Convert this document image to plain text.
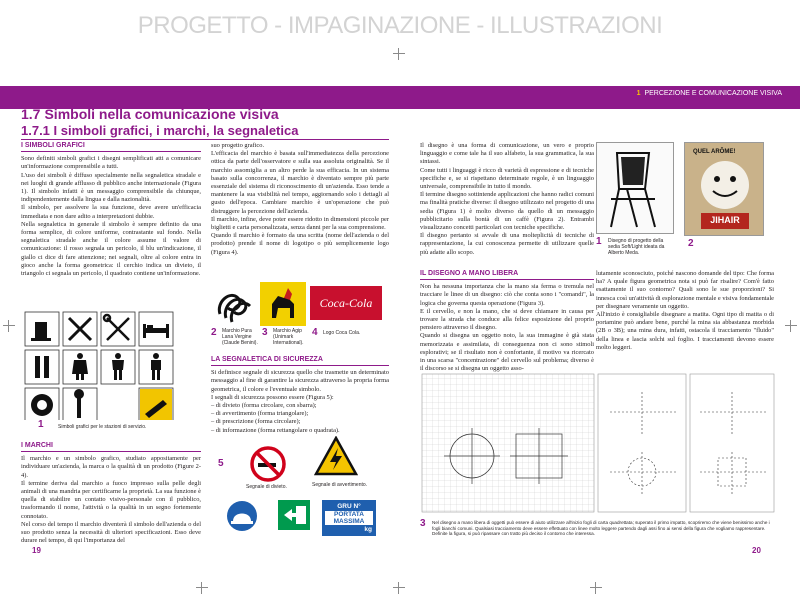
PROGETTO - IMPAGINAZIONE - ILLUSTRAZIONI
1 PERCEZIONE E COMUNICAZIONE VISIVA
1.7 Simboli nella comunicazione visiva
1.7.1 I simboli grafici, i marchi, la segnaletica
I SIMBOLI GRAFICI

Sono definiti simboli grafici i disegni semplificati atti a comunicare un'informazione comprensibile a tutti.

L'uso dei simboli è diffuso specialmente nella segnaletica stradale e nei luoghi di grande afflusso di pubblico anche internazionale (Figura 1). Il simbolo infatti è un messaggio comprensibile da chiunque, indipendentemente dalla lingua e dalla nazionalità.

Il simbolo, per assolvere la sua funzione, deve avere un'efficacia immediata e non dare adito a interpretazioni dubbie.

Nella segnaletica in generale il simbolo è sempre definito da una forma semplice, di colore uniforme, contrastante sul fondo. Nella segnaletica stradale anche il colore assume il valore di comunicazione: il rosso segnala un pericolo, il blu un'indicazione, il giallo ci dice di fare attenzione; nei segnali, oltre al colore entra in gioco anche la forma geometrica: il cerchio indica un divieto, il triangolo ci segnala un pericolo, il quadrato contiene un'informazione.

1	Simboli grafici per le stazioni di servizio.
I MARCHI

Il marchio e un simbolo grafico, studiato appositamente per individuare un'azienda, la marca o la qualità di un prodotto (Figure 2-4).

Il termine deriva dal marchio a fuoco impresso sulla pelle degli animali di una mandria per certificarne la proprietà. La sua funzione è quella di stabilire un contatto visivo-personale con il pubblico, trasformando il nome, l'attività o la qualità in un segno fortemente connotato.

Nel corso del tempo il marchio diventerà il simbolo dell'azienda o del suo prodotto senza la necessità di ulteriori specificazioni. Esso deve durare nel tempo, di qui l'importanza del

suo progetto grafico.

L'efficacia del marchio è basata sull'immediatezza della percezione ottica da parte dell'osservatore e sulla sua assoluta originalità. Se il marchio assomiglia a un altro perde la sua efficacia. In un sistema basato sulla concorrenza, il marchio è diventato sempre più parte essenziale del sistema di riconoscimento di un'azienda. Esso tende a mantenere la sua visibilità nel tempo, aggiornando solo i dettagli al gusto dell'epoca. Cambiare marchio è un'operazione che può distruggere la percezione dell'azienda.

Il marchio, infine, deve poter essere ridotto in dimensioni piccole per biglietti e carta personalizzata, senza danni per la sua comprensione.

Quando il marchio è formato da una scritta (nome dell'azienda o del prodotto) prende il nome di logotipo o più semplicemente logo (Figura 4).

Coca-Cola
2 Marchio Pura Lana Vergine (Claude Benini).
3 Marchio Agip (Unimark International).
4 Logo Coca Cola.
LA SEGNALETICA DI SICUREZZA

Si definisce segnale di sicurezza quello che trasmette un determinato messaggio al fine di garantire la sicurezza attraverso la propria forma geometrica, il colore e l'eventuale simbolo.

I segnali di sicurezza possono essere (Figura 5):

– di divieto (forma circolare, con sbarra);

– di avvertimento (forma triangolare);

– di prescrizione (forma circolare);

– di informazione (forma rettangolare o quadrata).

5
Segnale di divieto.	Segnale di avvertimento.
GRU N°
PORTATA MASSIMA
kg
19

Il disegno è una forma di comunicazione, un vero e proprio linguaggio e come tale ha il suo alfabeto, la sua grammatica, la sua sintassi.

Come tutti i linguaggi è ricco di varietà di espressione e di tecniche specifiche e, se si rispettano determinate regole, è un linguaggio universale, comprensibile in tutto il mondo.

Il termine disegno sottintende applicazioni che hanno radici comuni ma finalità pratiche diverse: il disegno utilizzato nel progetto di una sedia (Figura 1) è molto diverso da quello di un messaggio pubblicitario sulla bontà di un caffè (Figura 2). Entrambi visualizzano concetti particolari con tecniche specifiche.

Il disegno pertanto si avvale di una molteplicità di tecniche di rappresentazione, la cui conoscenza permette di utilizzare quelle più adatte allo scopo.

1 Disegno di progetto della sedia Soft/Light ideata da Alberto Meda.
QUEL ARÔME!
JIHAIR
2
IL DISEGNO A MANO LIBERA

Non ha nessuna importanza che la mano sia ferma o tremula nel tracciare le linee di un disegno: ciò che conta sono i "comandi", la logica che governa questa operazione (Figura 3).

E il cervello, e non la mano, che si deve chiamare in causa per trovare la strada che conduce alla felice esposizione del proprio pensiero attraverso il disegno.

Quando si disegna un oggetto noto, la sua immagine è già stata memorizzata e assimilata, di conseguenza non ci sono stimoli esplorativi; se il risultato non è confortante, il motivo va ricercato in una scarsa "concentrazione" del cervello sul problema; diverso è il discorso se si disegna un oggetto asso-

lutamente sconosciuto, poiché nascono domande del tipo: Che forma ha? A quale figura geometrica nota si può far risalire? Com'è fatto esattamente il suo contorno? Quali sono le sue proporzioni? Si innesca così un'attività di esplorazione mentale e visiva fondamentale per disegnare veramente un oggetto.

All'inizio è consigliabile disegnare a matita. Ogni tipo di matita o di portamine può andare bene, purché la mina sia abbastanza morbida (2B o 3B); una mina dura, infatti, ostacola il tracciamento "fluido" della linea e lascia solchi sul foglio. I tracciamenti devono essere molto leggeri.

3 Nel disegno a mano libera di oggetti può essere di aiuto utilizzare all'inizio fogli di carta quadrettata; superato il primo impatto, scopriremo che viene benissimo anche i fogli bianchi comuni. Qualsiasi tracciamento deve essere effettuato con linee molto leggere partendo dagli assi fino ai sensi della figura che vogliamo rappresentare. Definite la figura, si può ripassare con tratto più deciso il contorno che interessa.
20
